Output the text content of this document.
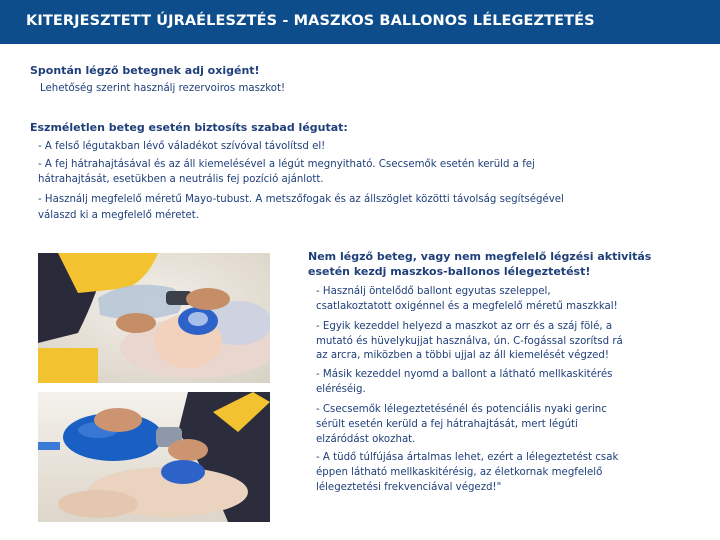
KITERJESZTETT ÚJRAÉLESZTÉS - MASZKOS BALLONOS LÉLEGEZTETÉS
Spontán légző betegnek adj oxigént!
Lehetőség szerint használj rezervoiros maszkot!
Eszméletlen beteg esetén biztosíts szabad légutat:
- A felső légutakban lévő váladékot szívóval távolítsd el!
- A fej hátrahajtásával és az áll kiemelésével a légút megnyitható. Csecsemők esetén kerüld a fej
hátrahajtását, esetükben a neutrális fej pozíció ajánlott.
- Használj megfelelő méretű Mayo-tubust. A metszőfogak és az állszöglet közötti távolság segítségével
válaszd ki a megfelelő méretet.
Nem légző beteg, vagy nem megfelelő légzési aktivitás
esetén kezdj maszkos-ballonos lélegeztetést!
- Használj öntelődő ballont egyutas szeleppel,
csatlakoztatott oxigénnel és a megfelelő méretű maszkkal!
- Egyik kezeddel helyezd a maszkot az orr és a száj fölé, a
mutató és hüvelykujjat használva, ún. C-fogással szorítsd rá
az arcra, miközben a többi ujjal az áll kiemelését végzed!
- Másik kezeddel nyomd a ballont a látható mellkaskitérés
eléréséig.
- Csecsemők lélegeztetésénél és potenciális nyaki gerinc
sérült esetén kerüld a fej hátrahajtását, mert légúti
elzáródást okozhat.
- A tüdő túlfújása ártalmas lehet, ezért a lélegeztetést csak
éppen látható mellkaskitérésig, az életkornak megfelelő
lélegeztetési frekvenciával végezd!"
